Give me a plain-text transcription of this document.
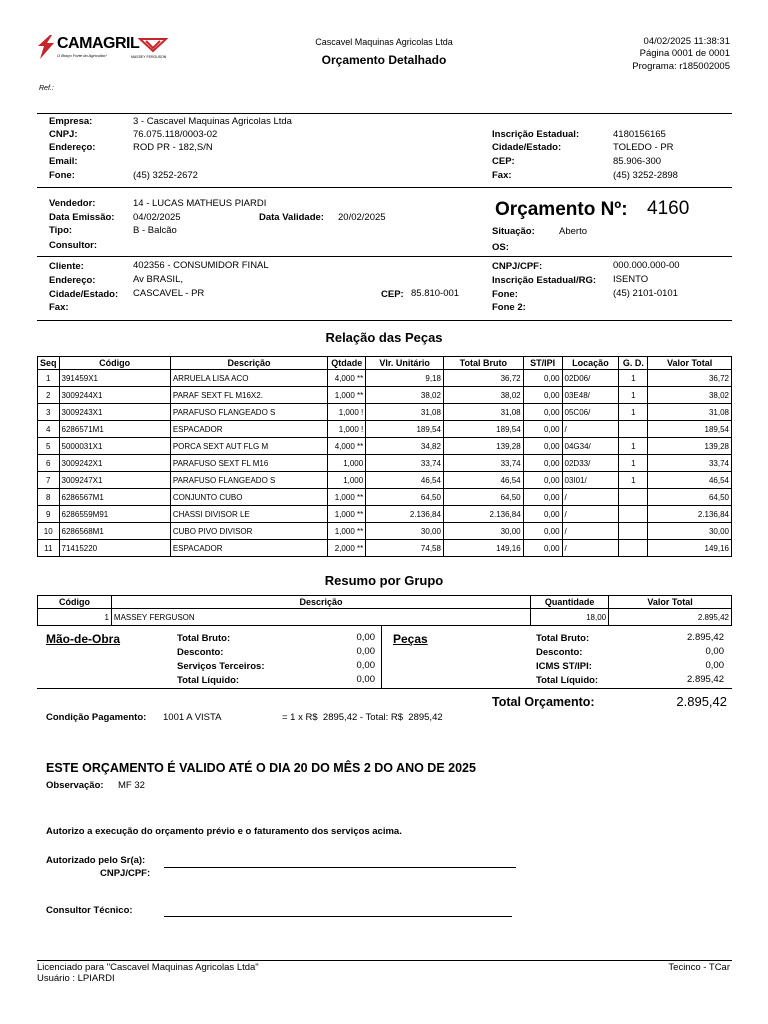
CAMAGRIL
O Braço Forte do Agricultor!	MASSEY FERGUSON
Cascavel Maquinas Agricolas Ltda
Orçamento Detalhado
04/02/2025 11:38:31
Página 0001 de 0001
Programa: r185002005
Ref.:
Empresa:	3 - Cascavel Maquinas Agricolas Ltda
CNPJ:	76.075.118/0003-02
Endereço:	ROD PR - 182,S/N
Email:
Fone:	(45) 3252-2672
Inscrição Estadual:	4180156165
Cidade/Estado:	TOLEDO - PR
CEP:	85.906-300
Fax:	(45) 3252-2898
Vendedor:	14 - LUCAS MATHEUS PIARDI
Data Emissão: 04/02/2025	Data Validade: 20/02/2025
Tipo:	B - Balcão
Consultor:
Orçamento Nº: 4160
Situação:	Aberto
OS:
Cliente:	402356 - CONSUMIDOR FINAL
Endereço:	Av BRASIL,
Cidade/Estado: CASCAVEL - PR	CEP: 85.810-001
Fax:
CNPJ/CPF:	000.000.000-00
Inscrição Estadual/RG: ISENTO
Fone:	(45) 2101-0101
Fone 2:
Relação das Peças
Seq	Código	Descrição	Qtdade	Vlr. Unitário	Total Bruto	ST/IPI	Locação	G. D.	Valor Total
1	391459X1	ARRUELA LISA ACO	4,000 **	9,18	36,72	0,00	02D06/	1	36,72
2	3009244X1	PARAF SEXT FL M16X2.	1,000 **	38,02	38,02	0,00	03E48/	1	38,02
3	3009243X1	PARAFUSO FLANGEADO S	1,000 !	31,08	31,08	0,00	05C06/	1	31,08
4	6286571M1	ESPACADOR	1,000 !	189,54	189,54	0,00	/		189,54
5	5000031X1	PORCA SEXT AUT FLG M	4,000 **	34,82	139,28	0,00	04G34/	1	139,28
6	3009242X1	PARAFUSO SEXT FL M16	1,000	33,74	33,74	0,00	02D33/	1	33,74
7	3009247X1	PARAFUSO FLANGEADO S	1,000	46,54	46,54	0,00	03I01/	1	46,54
8	6286567M1	CONJUNTO CUBO	1,000 **	64,50	64,50	0,00	/		64,50
9	6286559M91	CHASSI DIVISOR LE	1,000 **	2.136,84	2.136,84	0,00	/		2.136,84
10	6286568M1	CUBO PIVO DIVISOR	1,000 **	30,00	30,00	0,00	/		30,00
11	71415220	ESPACADOR	2,000 **	74,58	149,16	0,00	/		149,16
Resumo por Grupo
Código	Descrição	Quantidade	Valor Total
1	MASSEY FERGUSON	18,00	2.895,42
Mão-de-Obra	Total Bruto:	0,00
Desconto:	0,00
Serviços Terceiros:	0,00
Total Líquido:	0,00
Peças	Total Bruto:	2.895,42
Desconto:	0,00
ICMS ST/IPI:	0,00
Total Líquido:	2.895,42
Total Orçamento:	2.895,42
Condição Pagamento: 1001 A VISTA	= 1 x R$  2895,42 - Total: R$  2895,42
ESTE ORÇAMENTO É VALIDO ATÉ O DIA 20 DO MÊS 2 DO ANO DE 2025
Observação: MF 32
Autorizo a execução do orçamento prévio e o faturamento dos serviços acima.
Autorizado pelo Sr(a):
CNPJ/CPF:
Consultor Técnico:
Licenciado para "Cascavel Maquinas Agricolas Ltda"
Usuário : LPIARDI
Tecinco - TCar
